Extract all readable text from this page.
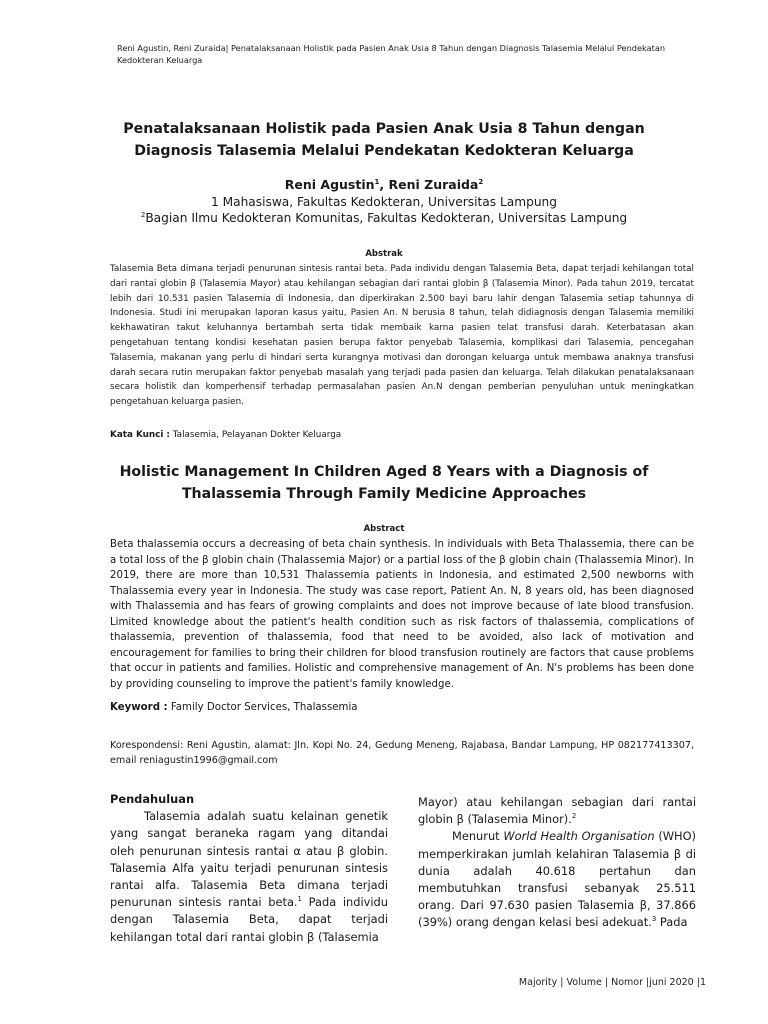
Reni Agustin, Reni Zuraida| Penatalaksanaan Holistik pada Pasien Anak Usia 8 Tahun dengan Diagnosis Talasemia Melalui Pendekatan Kedokteran Keluarga
Penatalaksanaan Holistik pada Pasien Anak Usia 8 Tahun dengan Diagnosis Talasemia Melalui Pendekatan Kedokteran Keluarga
Reni Agustin$^1$, Reni Zuraida$^2$
1 Mahasiswa, Fakultas Kedokteran, Universitas Lampung
$^2$Bagian Ilmu Kedokteran Komunitas, Fakultas Kedokteran, Universitas Lampung
Abstrak
Talasemia Beta dimana terjadi penurunan sintesis rantai beta. Pada individu dengan Talasemia Beta, dapat terjadi kehilangan total dari rantai globin β (Talasemia Mayor) atau kehilangan sebagian dari rantai globin β (Talasemia Minor). Pada tahun 2019, tercatat lebih dari 10.531 pasien Talasemia di Indonesia, dan diperkirakan 2.500 bayi baru lahir dengan Talasemia setiap tahunnya di Indonesia. Studi ini merupakan laporan kasus yaitu, Pasien An. N berusia 8 tahun, telah didiagnosis dengan Talasemia memiliki kekhawatiran takut keluhannya bertambah serta tidak membaik karna pasien telat transfusi darah. Keterbatasan akan pengetahuan tentang kondisi kesehatan pasien berupa faktor penyebab Talasemia, komplikasi dari Talasemia, pencegahan Talasemia, makanan yang perlu di hindari serta kurangnya motivasi dan dorongan keluarga untuk membawa anaknya transfusi darah secara rutin merupakan faktor penyebab masalah yang terjadi pada pasien dan keluarga. Telah dilakukan penatalaksanaan secara holistik dan komperhensif terhadap permasalahan pasien An.N dengan pemberian penyuluhan untuk meningkatkan pengetahuan keluarga pasien.
Kata Kunci : Talasemia, Pelayanan Dokter Keluarga
Holistic Management In Children Aged 8 Years with a Diagnosis of Thalassemia Through Family Medicine Approaches
Abstract
Beta thalassemia occurs a decreasing of beta chain synthesis. In individuals with Beta Thalassemia, there can be a total loss of the β globin chain (Thalassemia Major) or a partial loss of the β globin chain (Thalassemia Minor). In 2019, there are more than 10,531 Thalassemia patients in Indonesia, and estimated 2,500 newborns with Thalassemia every year in Indonesia. The study was case report, Patient An. N, 8 years old, has been diagnosed with Thalassemia and has fears of growing complaints and does not improve because of late blood transfusion. Limited knowledge about the patient's health condition such as risk factors of thalassemia, complications of thalassemia, prevention of thalassemia, food that need to be avoided, also lack of motivation and encouragement for families to bring their children for blood transfusion routinely are factors that cause problems that occur in patients and families. Holistic and comprehensive management of An. N's problems has been done by providing counseling to improve the patient's family knowledge.
Keyword : Family Doctor Services, Thalassemia
Korespondensi: Reni Agustin, alamat: Jln. Kopi No. 24, Gedung Meneng, Rajabasa, Bandar Lampung, HP 082177413307, email reniagustin1996@gmail.com
Pendahuluan
Talasemia adalah suatu kelainan genetik yang sangat beraneka ragam yang ditandai oleh penurunan sintesis rantai α atau β globin. Talasemia Alfa yaitu terjadi penurunan sintesis rantai alfa. Talasemia Beta dimana terjadi penurunan sintesis rantai beta.$^1$ Pada individu dengan Talasemia Beta, dapat terjadi kehilangan total dari rantai globin β (Talasemia
Mayor) atau kehilangan sebagian dari rantai globin β (Talasemia Minor).$^2$
Menurut World Health Organisation (WHO) memperkirakan jumlah kelahiran Talasemia β di dunia adalah 40.618 pertahun dan membutuhkan transfusi sebanyak 25.511 orang. Dari 97.630 pasien Talasemia β, 37.866 (39%) orang dengan kelasi besi adekuat.$^3$ Pada
Majority | Volume | Nomor |juni 2020 |1
